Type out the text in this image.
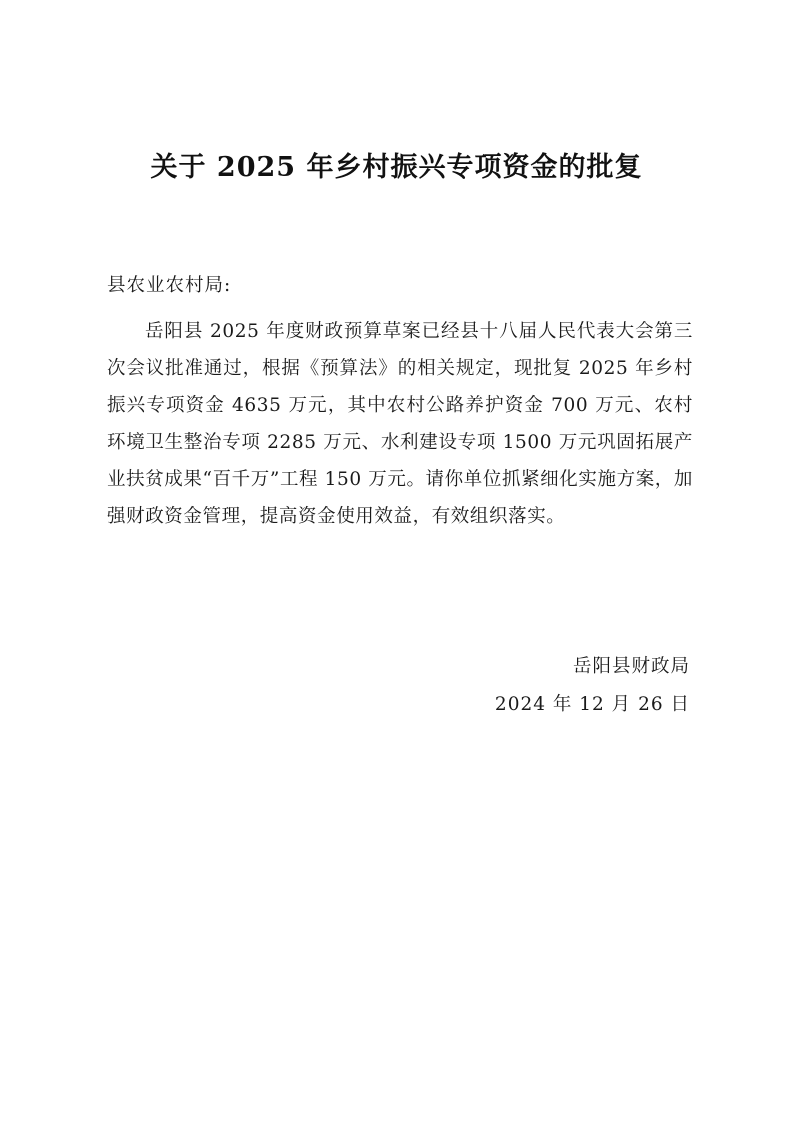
关于 2025 年乡村振兴专项资金的批复
县农业农村局:

岳阳县 2025 年度财政预算草案已经县十八届人民代表大会第三次会议批准通过，根据《预算法》的相关规定，现批复 2025 年乡村振兴专项资金 4635 万元，其中农村公路养护资金 700 万元、农村环境卫生整治专项 2285 万元、水利建设专项 1500 万元巩固拓展产业扶贫成果“百千万”工程 150 万元。请你单位抓紧细化实施方案，加强财政资金管理，提高资金使用效益，有效组织落实。

岳阳县财政局
2024 年 12 月 26 日
